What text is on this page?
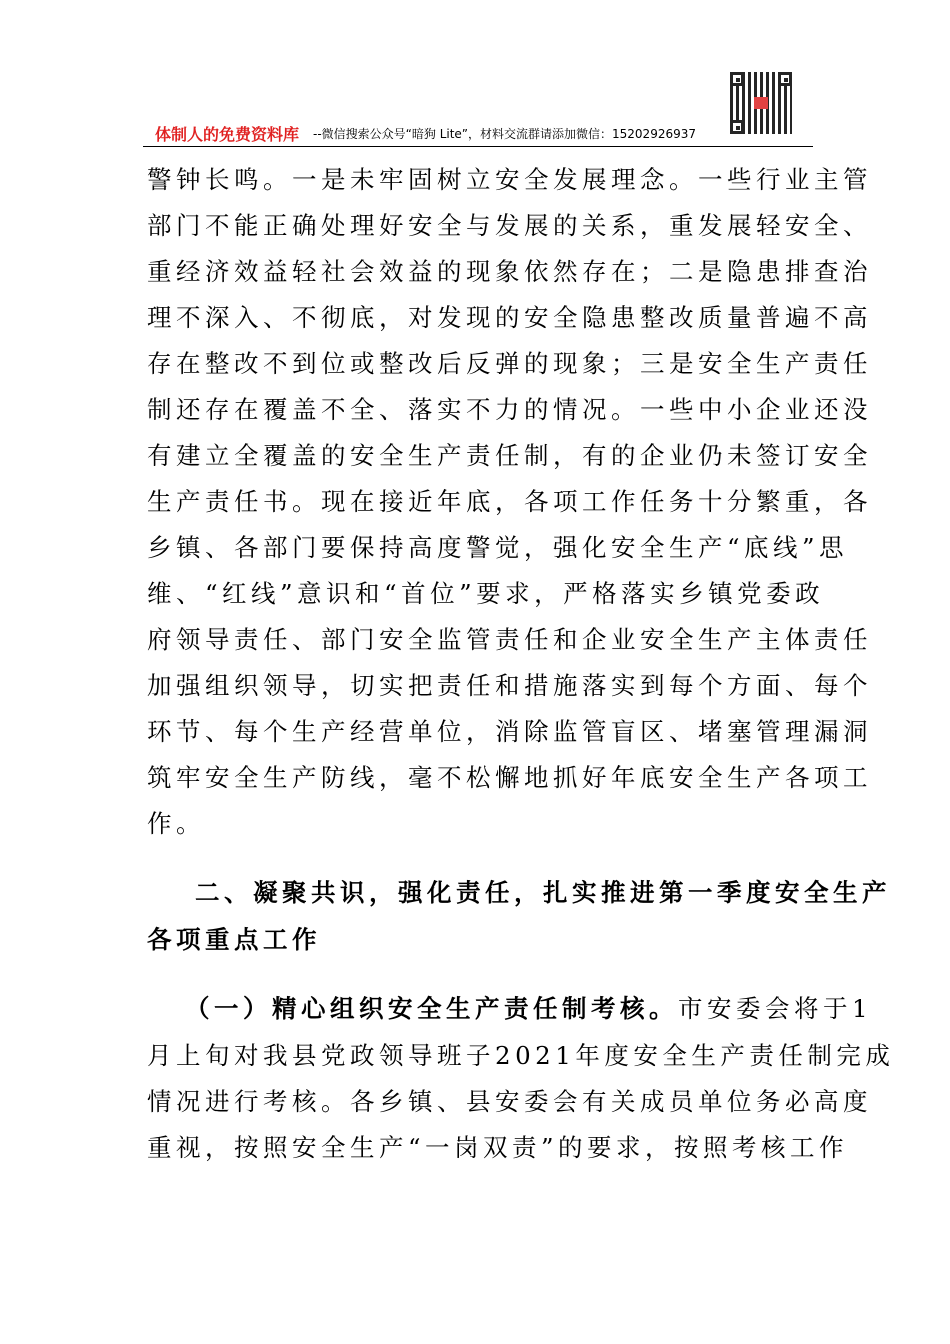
体制人的免费资料库 --微信搜索公众号“暗狗 Lite”，材料交流群请添加微信：15202926937
警钟长鸣。一是未牢固树立安全发展理念。一些行业主管
部门不能正确处理好安全与发展的关系，重发展轻安全、
重经济效益轻社会效益的现象依然存在；二是隐患排查治
理不深入、不彻底，对发现的安全隐患整改质量普遍不高
存在整改不到位或整改后反弹的现象；三是安全生产责任
制还存在覆盖不全、落实不力的情况。一些中小企业还没
有建立全覆盖的安全生产责任制，有的企业仍未签订安全
生产责任书。现在接近年底，各项工作任务十分繁重，各
乡镇、各部门要保持高度警觉，强化安全生产“底线”思
维、“红线”意识和“首位”要求，严格落实乡镇党委政
府领导责任、部门安全监管责任和企业安全生产主体责任
加强组织领导，切实把责任和措施落实到每个方面、每个
环节、每个生产经营单位，消除监管盲区、堵塞管理漏洞
筑牢安全生产防线，毫不松懈地抓好年底安全生产各项工
作。
二、凝聚共识，强化责任，扎实推进第一季度安全生产
各项重点工作
（一）精心组织安全生产责任制考核。市安委会将于1
月上旬对我县党政领导班子2021年度安全生产责任制完成
情况进行考核。各乡镇、县安委会有关成员单位务必高度
重视，按照安全生产“一岗双责”的要求，按照考核工作
